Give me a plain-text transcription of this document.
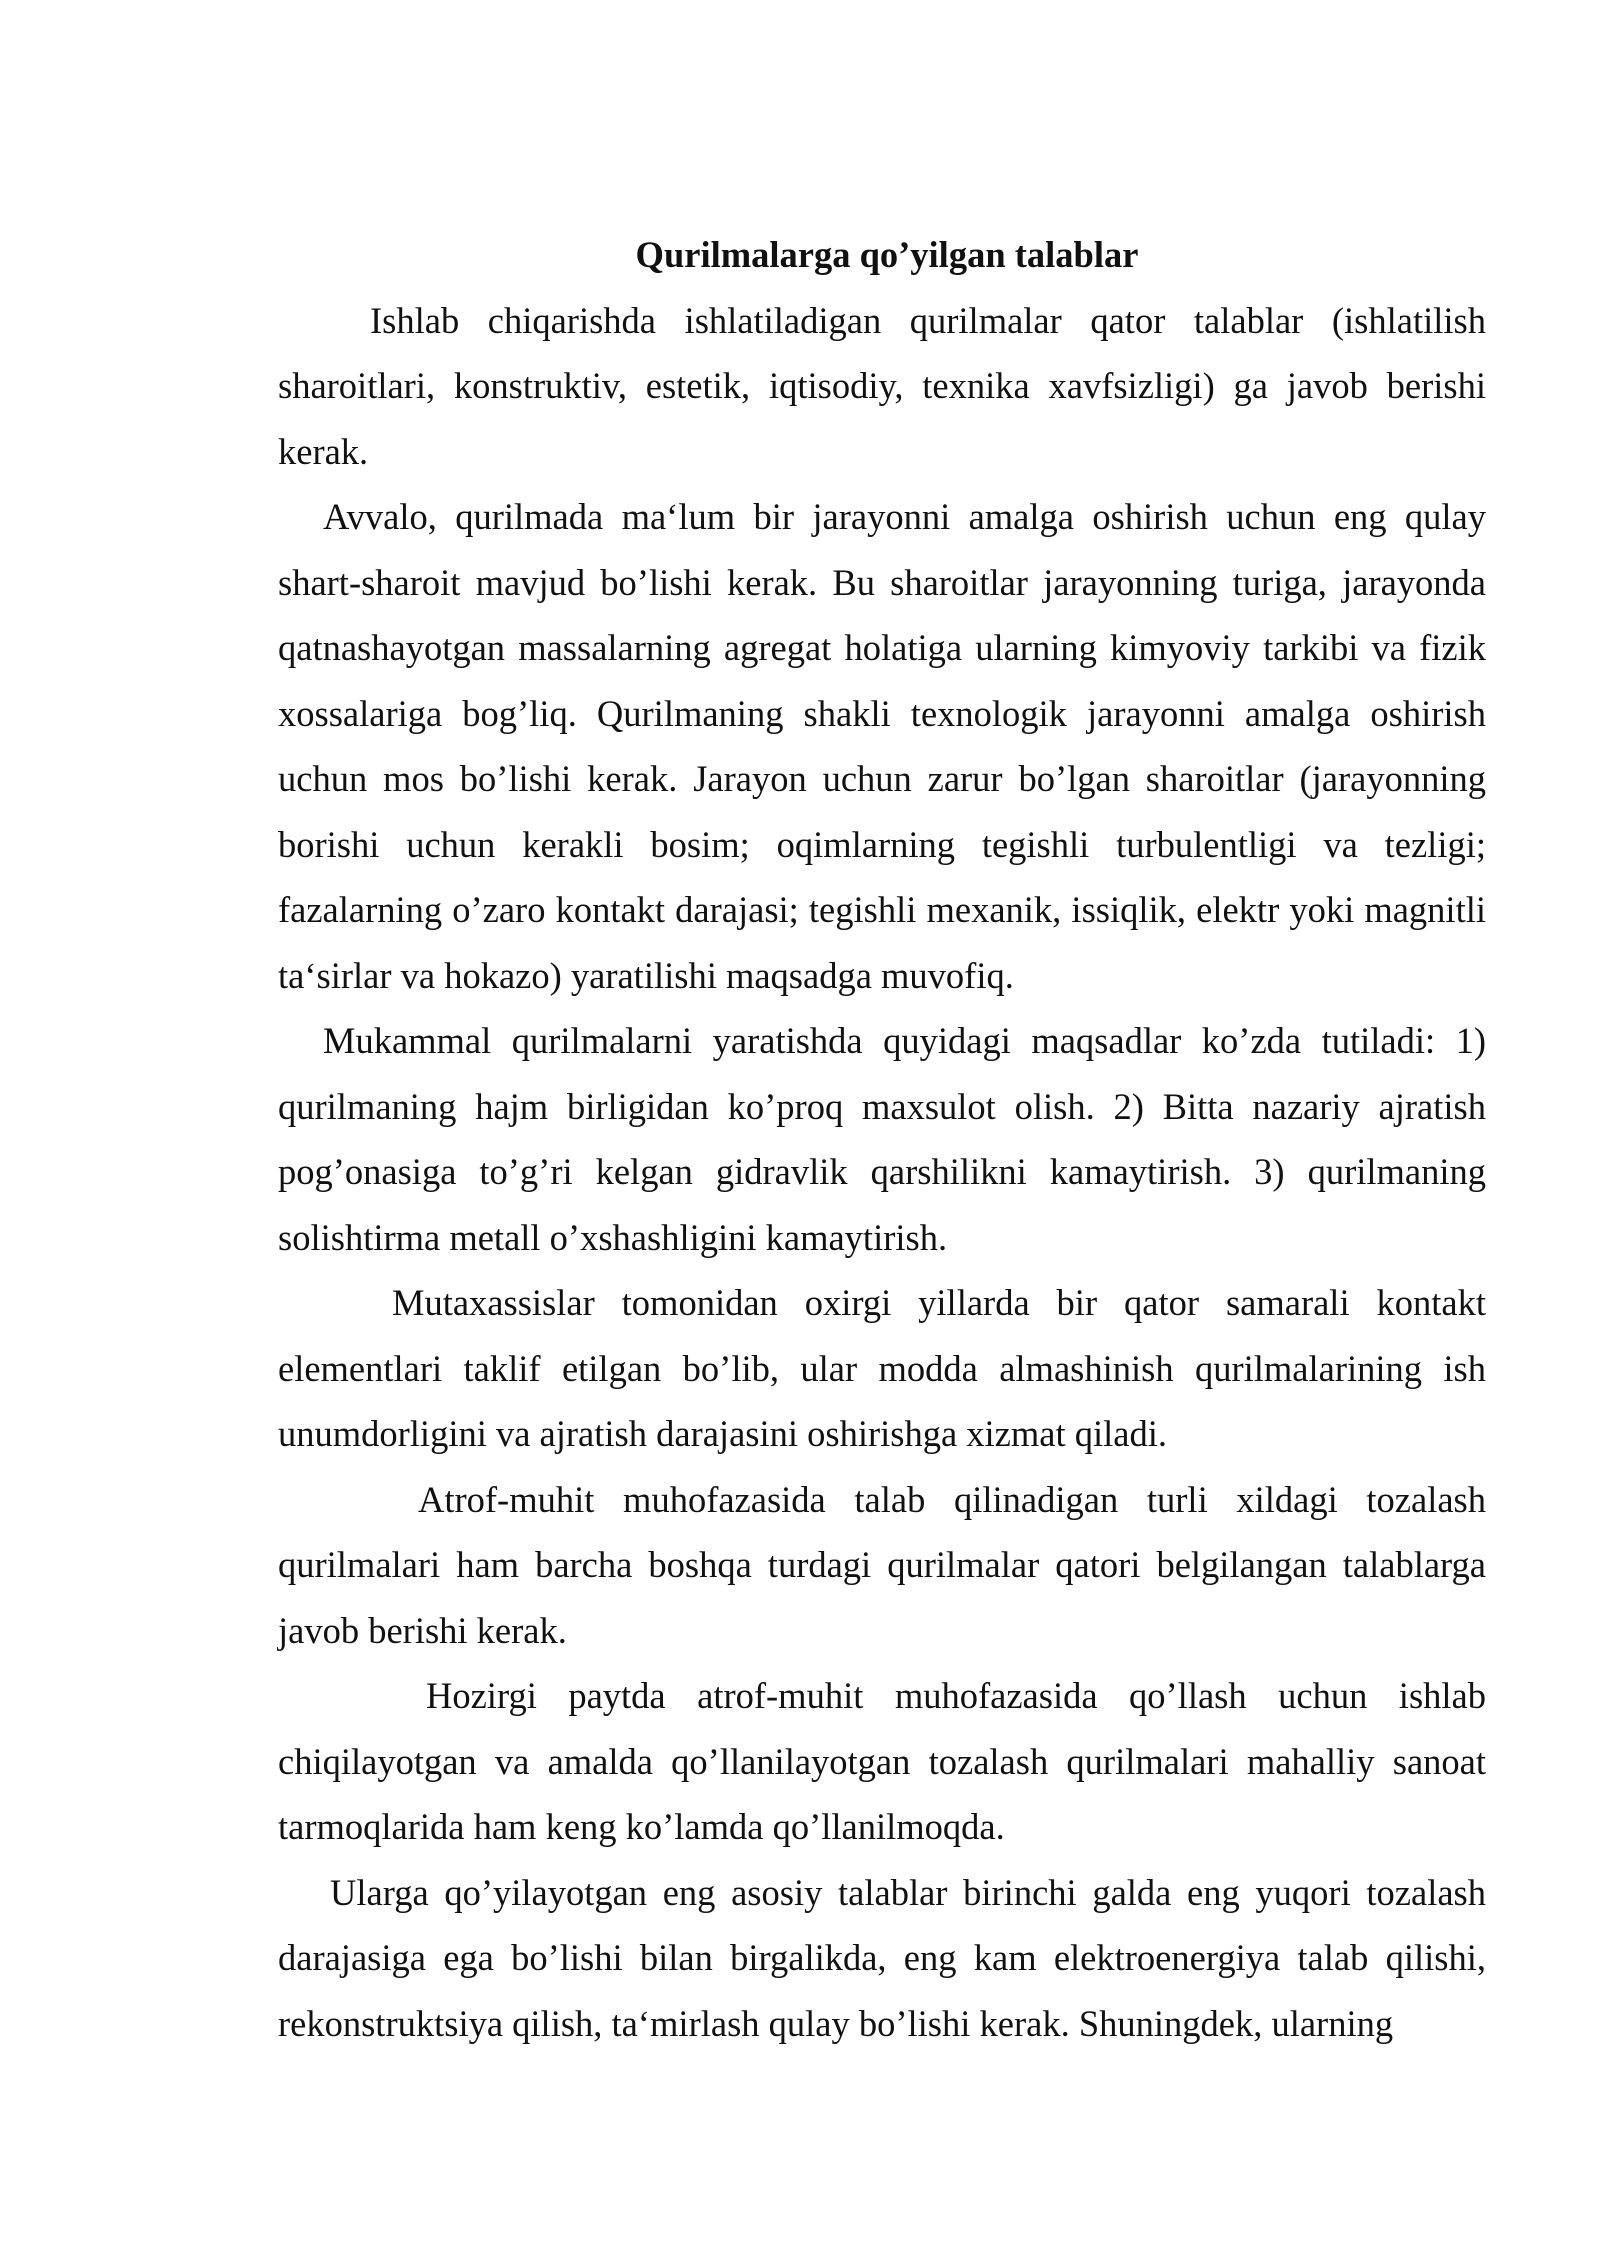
Qurilmalarga qo’yilgan talablar

Ishlab chiqarishda ishlatiladigan qurilmalar qator talablar (ishlatilish sharoitlari, konstruktiv, estetik, iqtisodiy, texnika xavfsizligi) ga javob berishi kerak.

Avvalo, qurilmada ma‘lum bir jarayonni amalga oshirish uchun eng qulay shart-sharoit mavjud bo’lishi kerak. Bu sharoitlar jarayonning turiga, jarayonda qatnashayotgan massalarning agregat holatiga ularning kimyoviy tarkibi va fizik xossalariga bog’liq. Qurilmaning shakli texnologik jarayonni amalga oshirish uchun mos bo’lishi kerak. Jarayon uchun zarur bo’lgan sharoitlar (jarayonning borishi uchun kerakli bosim; oqimlarning tegishli turbulentligi va tezligi; fazalarning o’zaro kontakt darajasi; tegishli mexanik, issiqlik, elektr yoki magnitli ta‘sirlar va hokazo) yaratilishi maqsadga muvofiq.

Mukammal qurilmalarni yaratishda quyidagi maqsadlar ko’zda tutiladi: 1) qurilmaning hajm birligidan ko’proq maxsulot olish. 2) Bitta nazariy ajratish pog’onasiga to’g’ri kelgan gidravlik qarshilikni kamaytirish. 3) qurilmaning solishtirma metall o’xshashligini kamaytirish.

Mutaxassislar tomonidan oxirgi yillarda bir qator samarali kontakt elementlari taklif etilgan bo’lib, ular modda almashinish qurilmalarining ish unumdorligini va ajratish darajasini oshirishga xizmat qiladi.

Atrof-muhit muhofazasida talab qilinadigan turli xildagi tozalash qurilmalari ham barcha boshqa turdagi qurilmalar qatori belgilangan talablarga javob berishi kerak.

Hozirgi paytda atrof-muhit muhofazasida qo’llash uchun ishlab chiqilayotgan va amalda qo’llanilayotgan tozalash qurilmalari mahalliy sanoat tarmoqlarida ham keng ko’lamda qo’llanilmoqda.

Ularga qo’yilayotgan eng asosiy talablar birinchi galda eng yuqori tozalash darajasiga ega bo’lishi bilan birgalikda, eng kam elektroenergiya talab qilishi, rekonstruktsiya qilish, ta‘mirlash qulay bo’lishi kerak. Shuningdek, ularning
